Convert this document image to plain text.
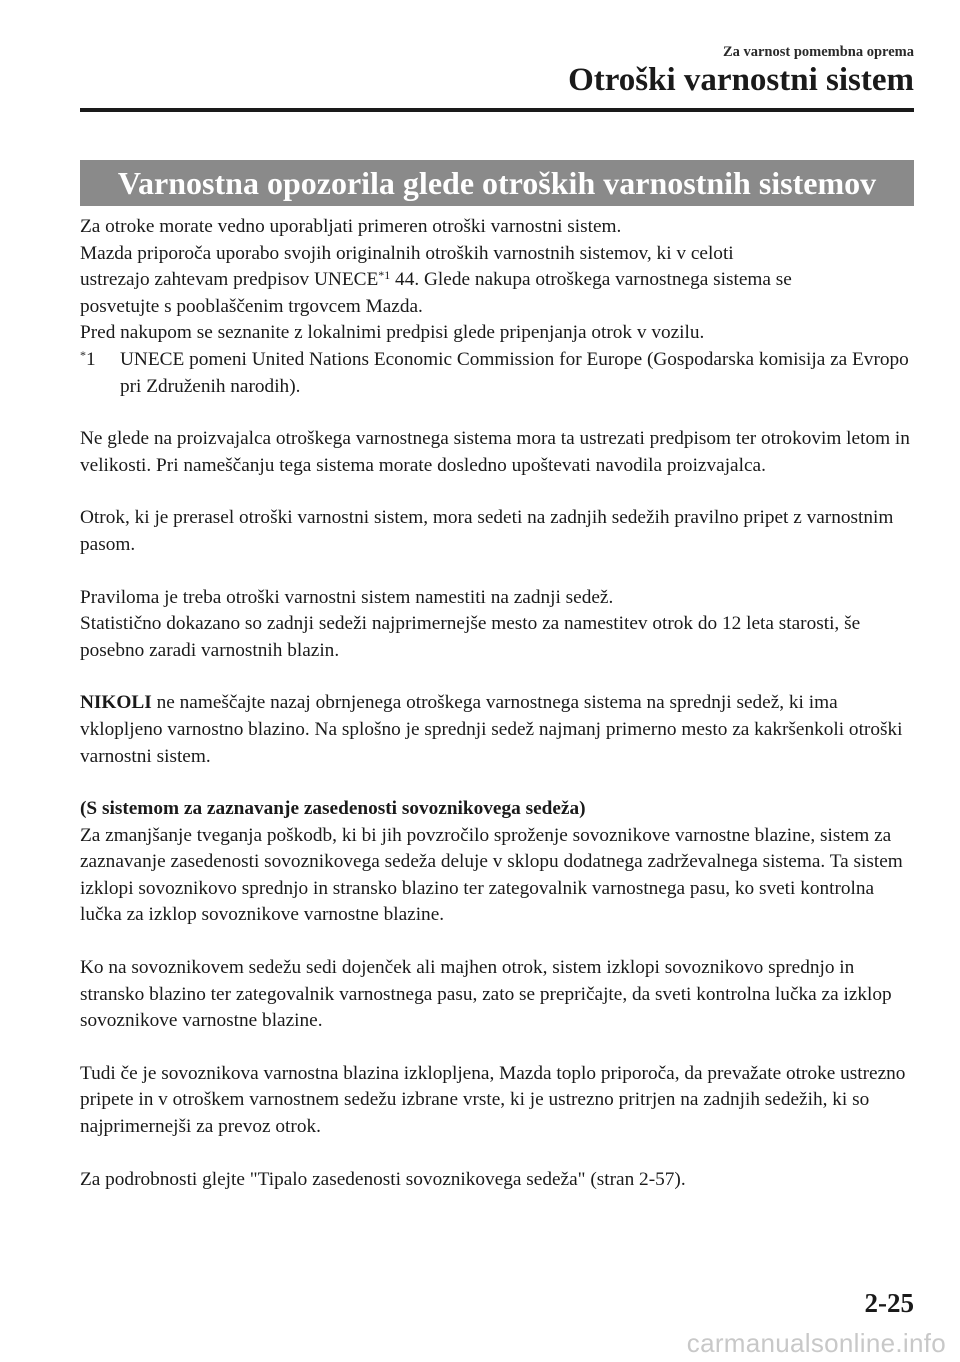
Za varnost pomembna oprema
Otroški varnostni sistem
Varnostna opozorila glede otroških varnostnih sistemov

Za otroke morate vedno uporabljati primeren otroški varnostni sistem.
Mazda priporoča uporabo svojih originalnih otroških varnostnih sistemov, ki v celoti
ustrezajo zahtevam predpisov UNECE$^{*1}$ 44. Glede nakupa otroškega varnostnega sistema se
posvetujte s pooblaščenim trgovcem Mazda.
Pred nakupom se seznanite z lokalnimi predpisi glede pripenjanja otrok v vozilu.

*1	UNECE pomeni United Nations Economic Commission for Europe (Gospodarska komisija za Evropo pri Združenih narodih).

Ne glede na proizvajalca otroškega varnostnega sistema mora ta ustrezati predpisom ter otrokovim letom in velikosti. Pri nameščanju tega sistema morate dosledno upoštevati navodila proizvajalca.

Otrok, ki je prerasel otroški varnostni sistem, mora sedeti na zadnjih sedežih pravilno pripet z varnostnim pasom.

Praviloma je treba otroški varnostni sistem namestiti na zadnji sedež.
Statistično dokazano so zadnji sedeži najprimernejše mesto za namestitev otrok do 12 leta starosti, še posebno zaradi varnostnih blazin.

NIKOLI ne nameščajte nazaj obrnjenega otroškega varnostnega sistema na sprednji sedež, ki ima vklopljeno varnostno blazino. Na splošno je sprednji sedež najmanj primerno mesto za kakršenkoli otroški varnostni sistem.

(S sistemom za zaznavanje zasedenosti sovoznikovega sedeža)
Za zmanjšanje tveganja poškodb, ki bi jih povzročilo sproženje sovoznikove varnostne blazine, sistem za zaznavanje zasedenosti sovoznikovega sedeža deluje v sklopu dodatnega zadrževalnega sistema. Ta sistem izklopi sovoznikovo sprednjo in stransko blazino ter zategovalnik varnostnega pasu, ko sveti kontrolna lučka za izklop sovoznikove varnostne blazine.

Ko na sovoznikovem sedežu sedi dojenček ali majhen otrok, sistem izklopi sovoznikovo sprednjo in stransko blazino ter zategovalnik varnostnega pasu, zato se prepričajte, da sveti kontrolna lučka za izklop sovoznikove varnostne blazine.

Tudi če je sovoznikova varnostna blazina izklopljena, Mazda toplo priporoča, da prevažate otroke ustrezno pripete in v otroškem varnostnem sedežu izbrane vrste, ki je ustrezno pritrjen na zadnjih sedežih, ki so najprimernejši za prevoz otrok.

Za podrobnosti glejte "Tipalo zasedenosti sovoznikovega sedeža" (stran 2-57).

2-25
carmanualsonline.info
